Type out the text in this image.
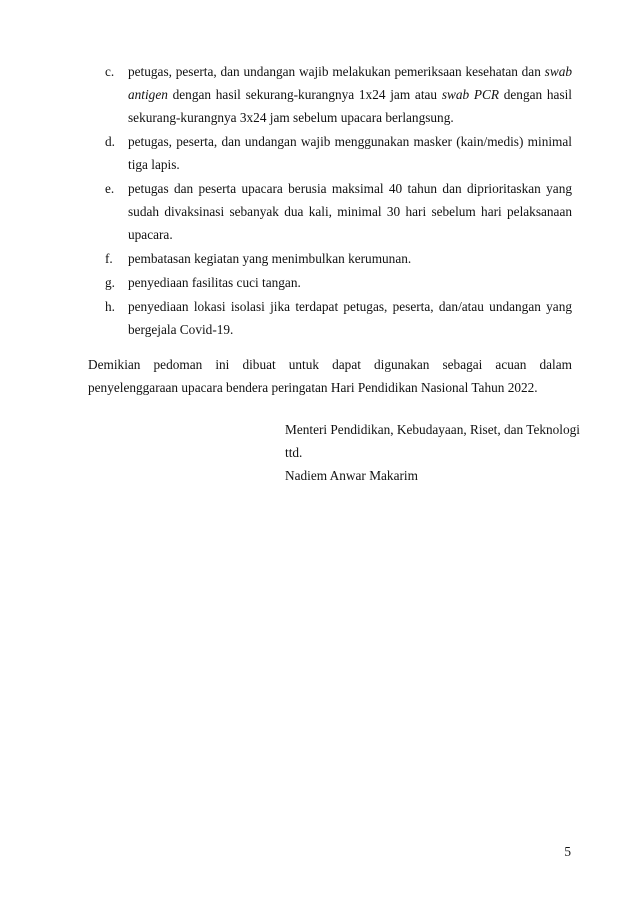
c.	petugas, peserta, dan undangan wajib melakukan pemeriksaan kesehatan dan swab antigen dengan hasil sekurang-kurangnya 1x24 jam atau swab PCR dengan hasil sekurang-kurangnya 3x24 jam sebelum upacara berlangsung.
d. petugas, peserta, dan undangan wajib menggunakan masker (kain/medis) minimal tiga lapis.
e.	petugas dan peserta upacara berusia maksimal 40 tahun dan diprioritaskan yang sudah divaksinasi sebanyak dua kali, minimal 30 hari sebelum hari pelaksanaan upacara.
f.	pembatasan kegiatan yang menimbulkan kerumunan.
g. penyediaan fasilitas cuci tangan.
h. penyediaan lokasi isolasi jika terdapat petugas, peserta, dan/atau undangan yang bergejala Covid-19.

Demikian pedoman ini dibuat untuk dapat digunakan sebagai acuan dalam penyelenggaraan upacara bendera peringatan Hari Pendidikan Nasional Tahun 2022.

Menteri Pendidikan, Kebudayaan, Riset, dan Teknologi
ttd.
Nadiem Anwar Makarim
5
